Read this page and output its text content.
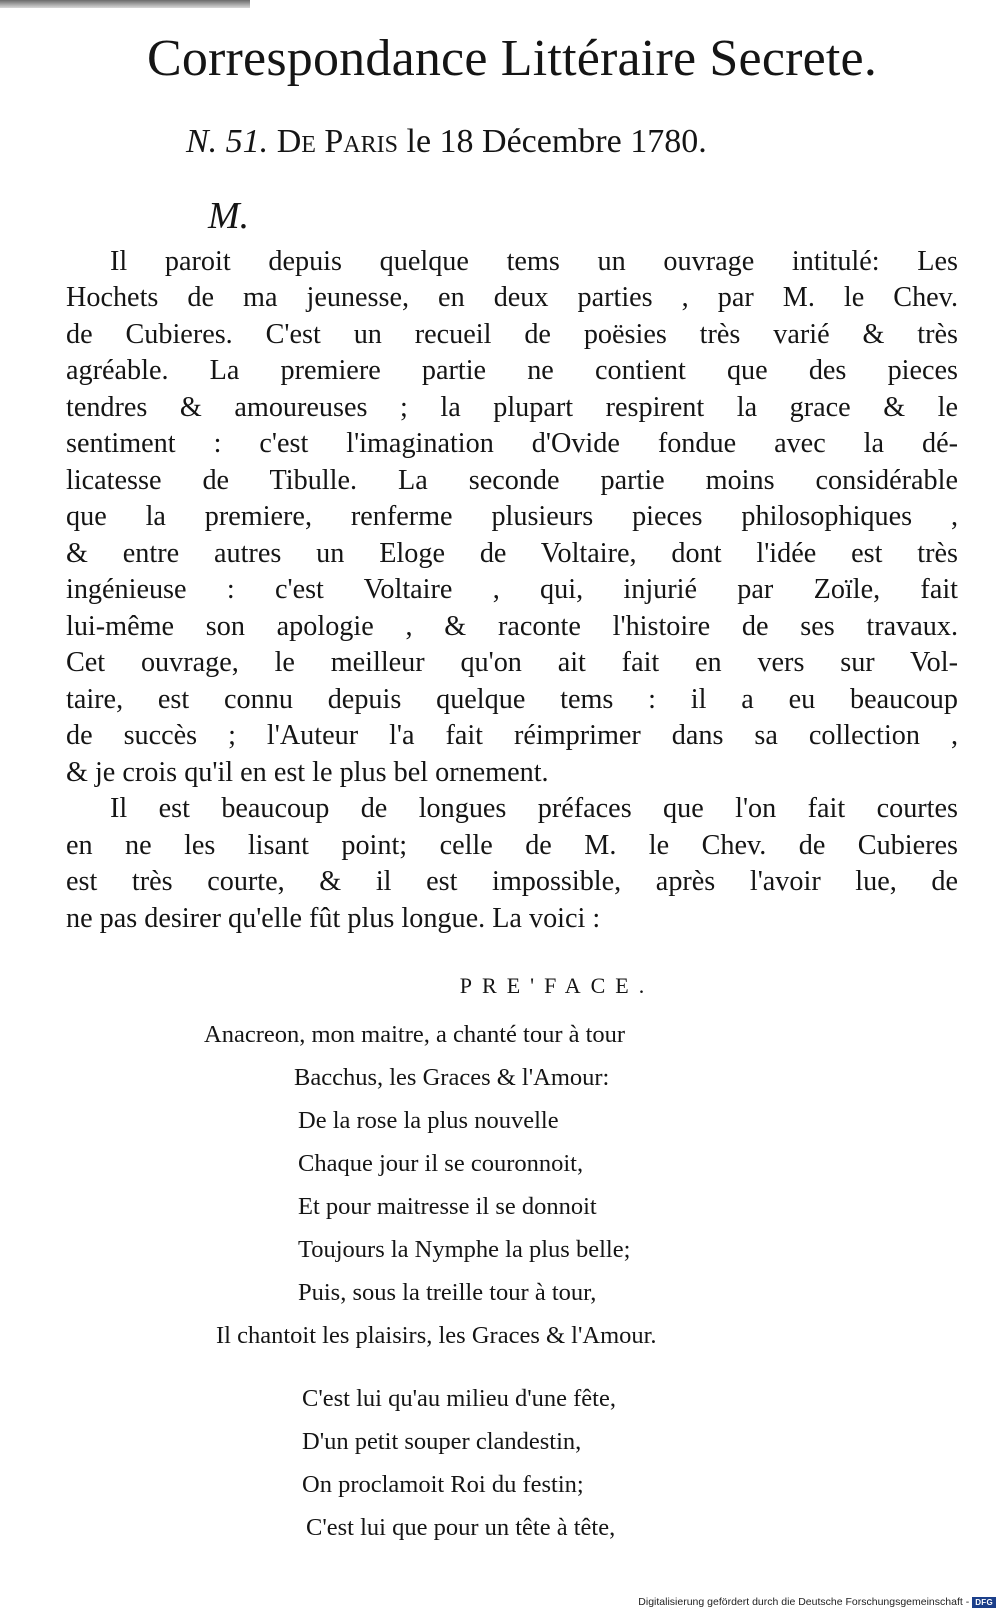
Correspondance Littéraire Secrete.
N. 51. De Paris le 18 Décembre 1780.
M.

Il paroit depuis quelque tems un ouvrage intitulé: Les
Hochets de ma jeunesse, en deux parties , par M. le Chev.
de Cubieres. C'est un recueil de poësies très varié & très
agréable. La premiere partie ne contient que des pieces
tendres & amoureuses ; la plupart respirent la grace & le
sentiment : c'est l'imagination d'Ovide fondue avec la dé-
licatesse de Tibulle. La seconde partie moins considérable
que la premiere, renferme plusieurs pieces philosophiques ,
& entre autres un Eloge de Voltaire, dont l'idée est très
ingénieuse : c'est Voltaire , qui, injurié par Zoïle, fait
lui-même son apologie , & raconte l'histoire de ses travaux.
Cet ouvrage, le meilleur qu'on ait fait en vers sur Vol-
taire, est connu depuis quelque tems : il a eu beaucoup
de succès ; l'Auteur l'a fait réimprimer dans sa collection ,
& je crois qu'il en est le plus bel ornement.

Il est beaucoup de longues préfaces que l'on fait courtes
en ne les lisant point; celle de M. le Chev. de Cubieres
est très courte, & il est impossible, après l'avoir lue, de
ne pas desirer qu'elle fût plus longue. La voici :

PRE'FACE.
Anacreon, mon maitre, a chanté tour à tour
Bacchus, les Graces & l'Amour:
De la rose la plus nouvelle
Chaque jour il se couronnoit,
Et pour maitresse il se donnoit
Toujours la Nymphe la plus belle;
Puis, sous la treille tour à tour,
Il chantoit les plaisirs, les Graces & l'Amour.
C'est lui qu'au milieu d'une fête,
D'un petit souper clandestin,
On proclamoit Roi du festin;
C'est lui que pour un tête à tête,
Digitalisierung gefördert durch die Deutsche Forschungsgemeinschaft - DFG
